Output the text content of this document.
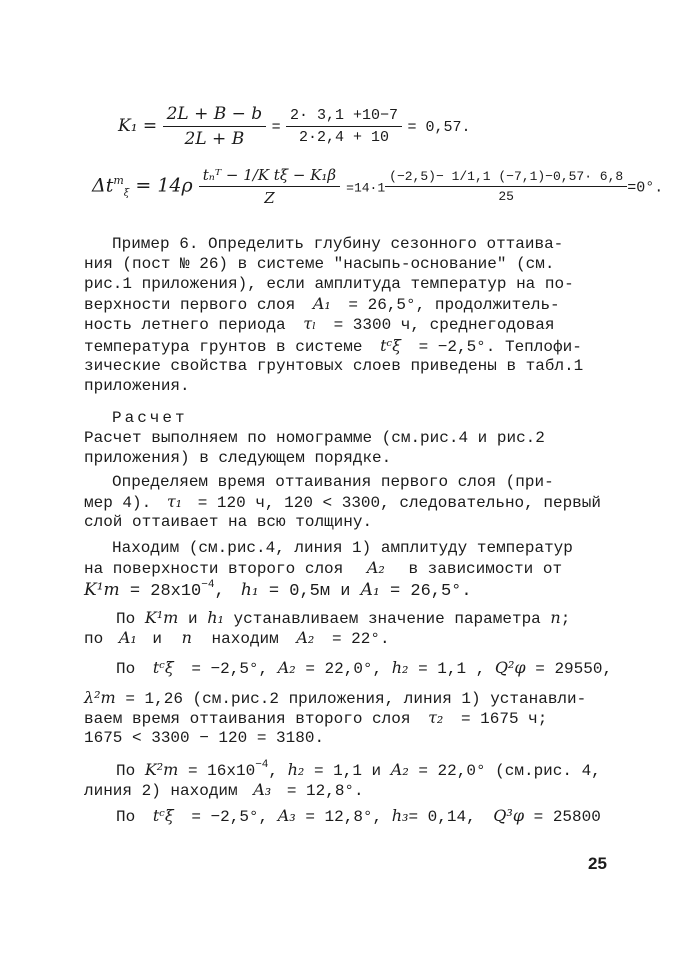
$K_1 = \frac{2L + B - b}{2L + B} = \frac{2\cdot 3,1 +10-7}{2\cdot 2,4 + 10} = 0,57$.
$\Delta t^т_\xi = 14\rho \frac{\text{tₙᵀ − 1/K tξ − K₁β}}{Z} =14\cdot 1 \frac{(-2,5)- 1/1,1 (-7,1)-0,57\cdot 6,8}{25} =0^\circ$.
Пример 6. Определить глубину сезонного оттаива-
ния (пост № 26) в системе "насыпь-основание" (см.
рис.1 приложения), если амплитуда температур на по-
верхности первого слоя A₁ = 26,5°, продолжитель-
ность летнего периода τₗ = 3300 ч, среднегодовая
температура грунтов в системе tᶜξ = −2,5°. Теплофи-
зические свойства грунтовых слоев приведены в табл.1
приложения.
Расчет
Расчет выполняем по номограмме (см.рис.4 и рис.2
приложения) в следующем порядке.
Определяем время оттаивания первого слоя (при-
мер 4). τ₁ = 120 ч, 120 < 3300, следовательно, первый
слой оттаивает на всю толщину.
Находим (см.рис.4, линия 1) амплитуду температур
на поверхности второго слоя A₂ в зависимости от
$K^1т = 28x10^{-4}$, h₁ = 0,5м и A₁ = 26,5°.
По K¹т и h₁ устанавливаем значение параметра n;
по A₁ и n находим A₂ = 22°.
По tᶜξ = −2,5°, A₂ = 22,0°, h₂ = 1,1 , Q²φ = 29550,
λ²т = 1,26 (см.рис.2 приложения, линия 1) устанавли-
ваем время оттаивания второго слоя τ₂ = 1675 ч;
1675 < 3300 − 120 = 3180.
По $K^2т = 16x10^{-4}$, h₂ = 1,1 и A₂ = 22,0° (см.рис. 4,
линия 2) находим A₃ = 12,8°.
По tᶜξ = −2,5°, A₃ = 12,8°, h₃= 0,14, Q³φ = 25800
25
